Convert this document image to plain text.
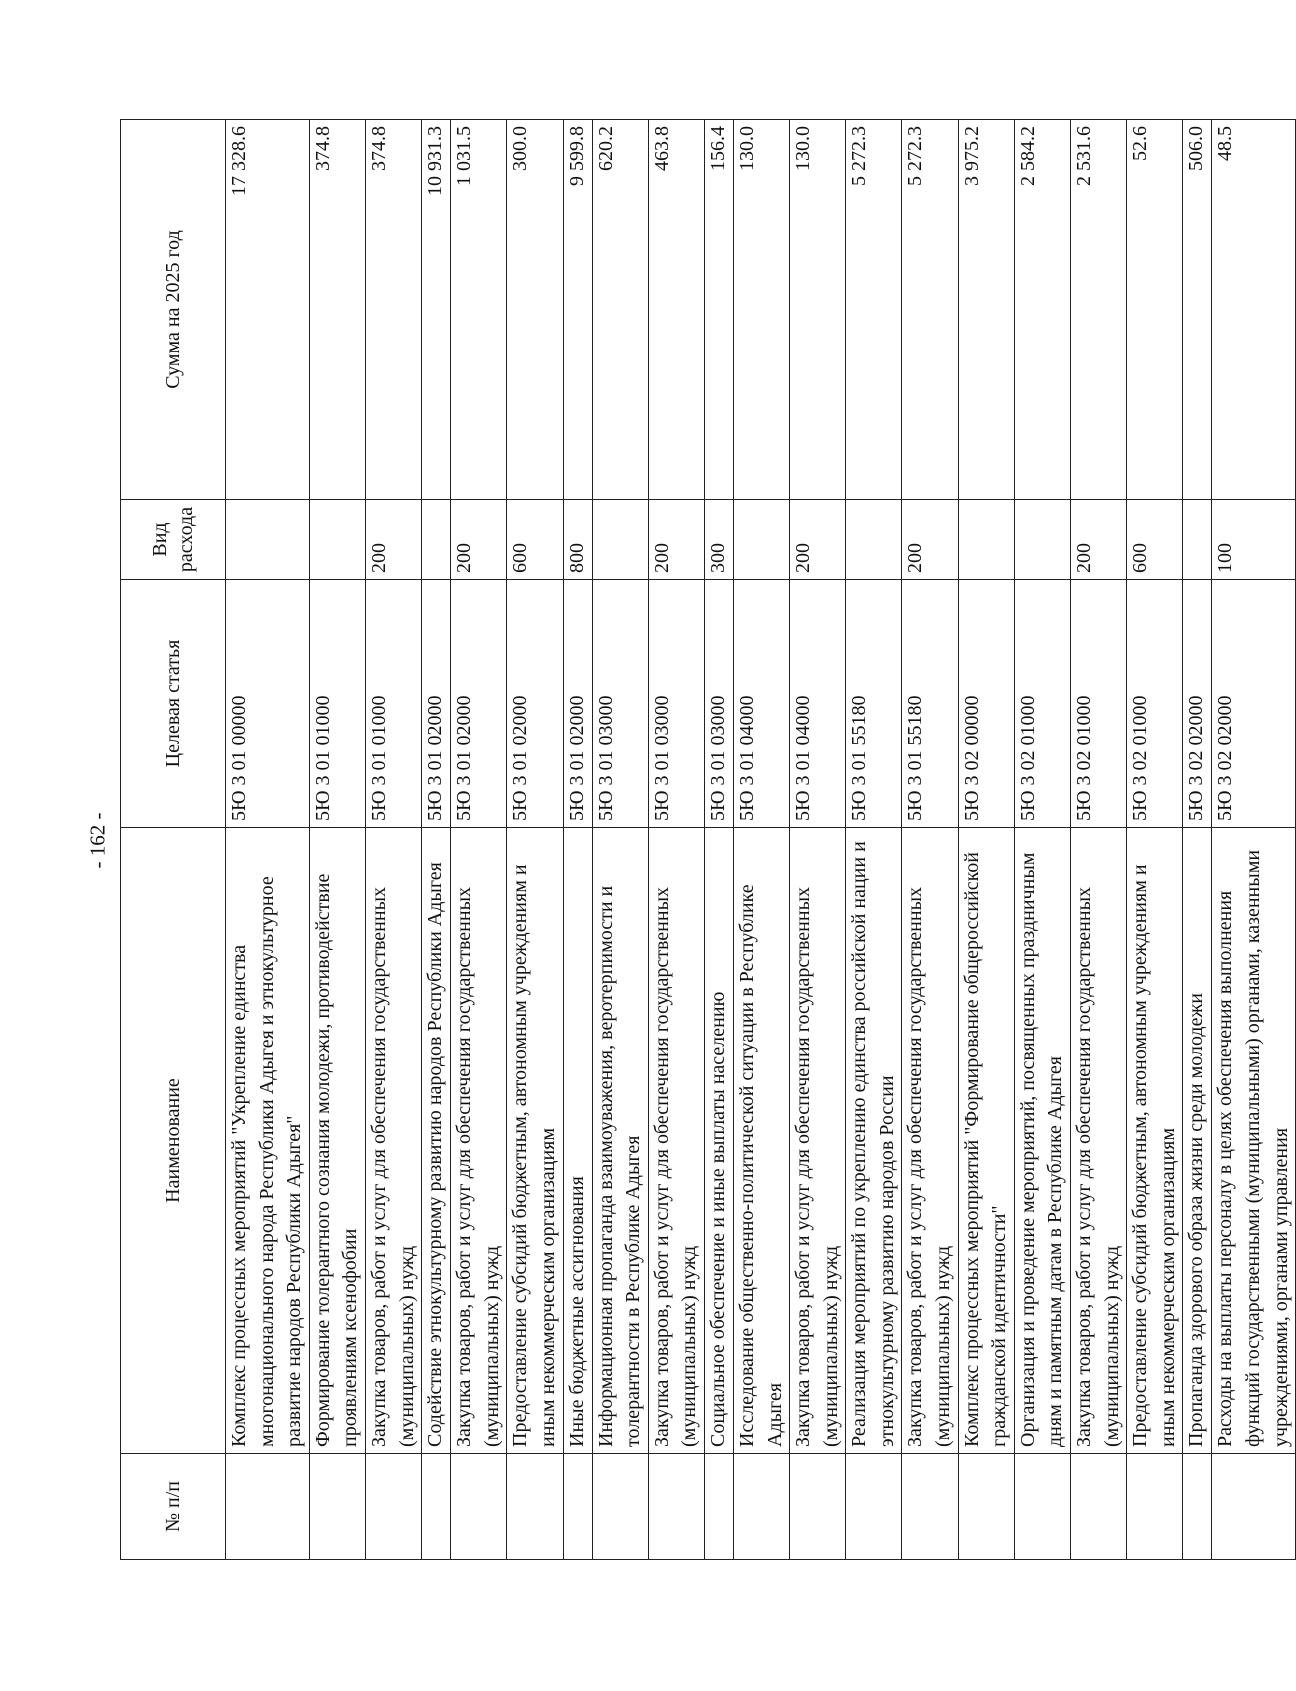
- 162 -
№ п/п	Наименование	Целевая статья	Вид расхода	Сумма на 2025 год
	Комплекс процессных мероприятий "Укрепление единства многонационального народа Республики Адыгея и этнокультурное развитие народов Республики Адыгея"	5Ю 3 01 00000		17 328.6
	Формирование толерантного сознания молодежи, противодействие проявлениям ксенофобии	5Ю 3 01 01000		374.8
	Закупка товаров, работ и услуг для обеспечения государственных (муниципальных) нужд	5Ю 3 01 01000	200	374.8
	Содействие этнокультурному развитию народов Республики Адыгея	5Ю 3 01 02000		10 931.3
	Закупка товаров, работ и услуг для обеспечения государственных (муниципальных) нужд	5Ю 3 01 02000	200	1 031.5
	Предоставление субсидий бюджетным, автономным учреждениям и иным некоммерческим организациям	5Ю 3 01 02000	600	300.0
	Иные бюджетные ассигнования	5Ю 3 01 02000	800	9 599.8
	Информационная пропаганда взаимоуважения, веротерпимости и толерантности в Республике Адыгея	5Ю 3 01 03000		620.2
	Закупка товаров, работ и услуг для обеспечения государственных (муниципальных) нужд	5Ю 3 01 03000	200	463.8
	Социальное обеспечение и иные выплаты населению	5Ю 3 01 03000	300	156.4
	Исследование общественно-политической ситуации в Республике Адыгея	5Ю 3 01 04000		130.0
	Закупка товаров, работ и услуг для обеспечения государственных (муниципальных) нужд	5Ю 3 01 04000	200	130.0
	Реализация мероприятий по укреплению единства российской нации и этнокультурному развитию народов России	5Ю 3 01 55180		5 272.3
	Закупка товаров, работ и услуг для обеспечения государственных (муниципальных) нужд	5Ю 3 01 55180	200	5 272.3
	Комплекс процессных мероприятий "Формирование общероссийской гражданской идентичности"	5Ю 3 02 00000		3 975.2
	Организация и проведение мероприятий, посвященных праздничным дням и памятным датам в Республике Адыгея	5Ю 3 02 01000		2 584.2
	Закупка товаров, работ и услуг для обеспечения государственных (муниципальных) нужд	5Ю 3 02 01000	200	2 531.6
	Предоставление субсидий бюджетным, автономным учреждениям и иным некоммерческим организациям	5Ю 3 02 01000	600	52.6
	Пропаганда здорового образа жизни среди молодежи	5Ю 3 02 02000		506.0
	Расходы на выплаты персоналу в целях обеспечения выполнения функций государственными (муниципальными) органами, казенными учреждениями, органами управления	5Ю 3 02 02000	100	48.5
